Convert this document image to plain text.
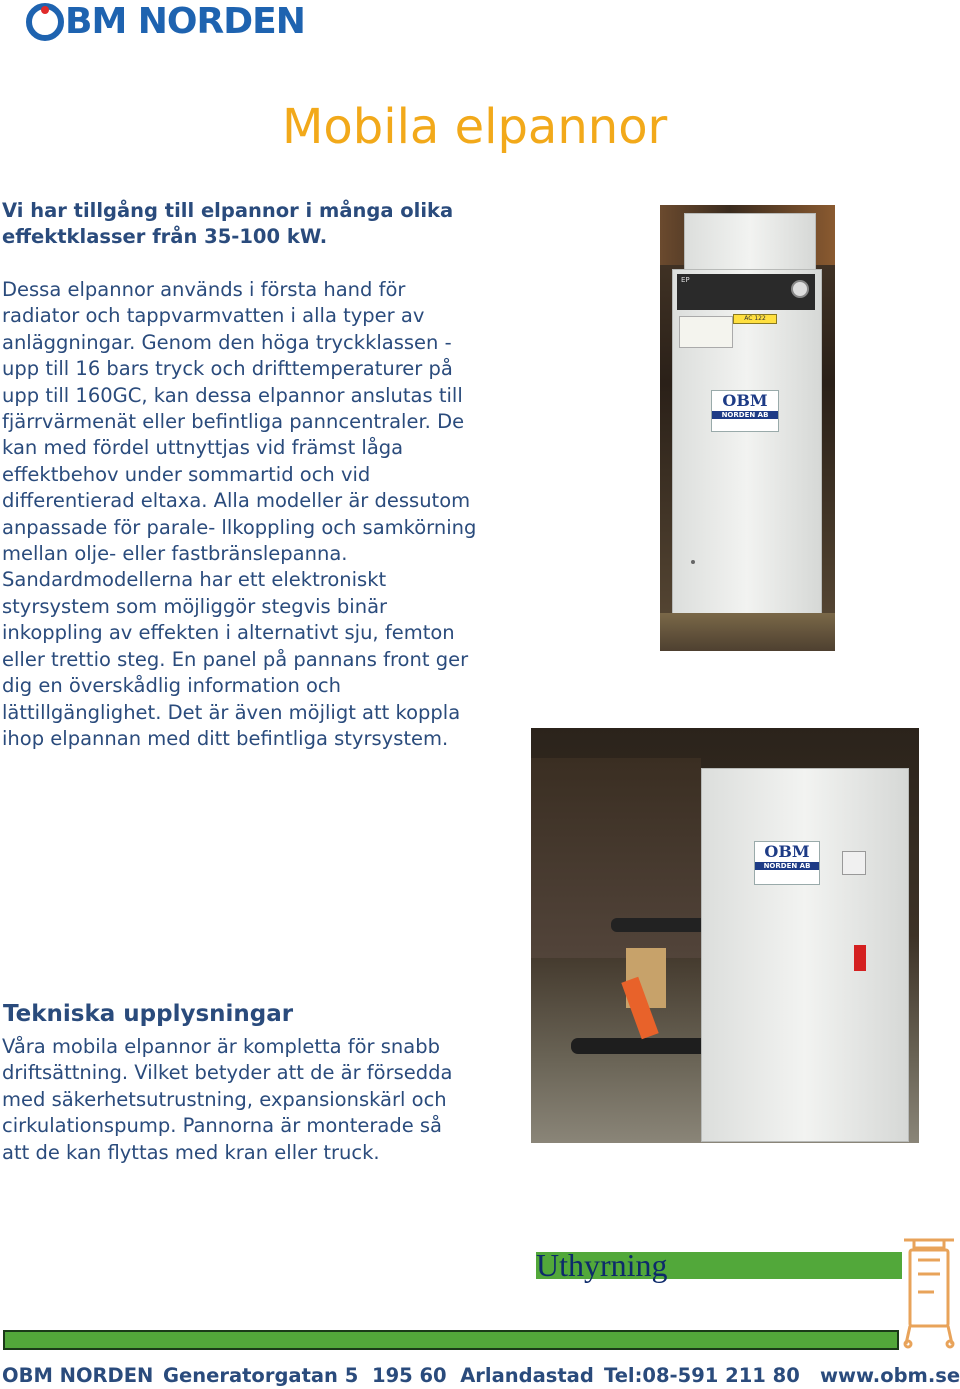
BM NORDEN
Mobila elpannor

Vi har tillgång till elpannor i många olika effektklasser från 35-100 kW.

Dessa elpannor används i första hand för radiator och tappvarmvatten i alla typer av anläggningar. Genom den höga tryckklassen - upp till 16 bars tryck och drifttemperaturer på upp till 160GC, kan dessa elpannor anslutas till fjärrvärmenät eller befintliga panncentraler. De kan med fördel uttnyttjas vid främst låga effektbehov under sommartid och vid differentierad eltaxa. Alla modeller är dessutom anpassade för parale- llkoppling och samkörning mellan olje- eller fastbränslepanna. Sandardmodellerna har ett elektroniskt styrsystem som möjliggör stegvis binär inkoppling av effekten i alternativt sju, femton eller trettio steg. En panel på pannans front ger dig en överskådlig information och lättillgänglighet. Det är även möjligt att koppla ihop elpannan med ditt befintliga styrsystem.

Tekniska upplysningar

Våra mobila elpannor är kompletta för snabb driftsättning. Vilket betyder att de är försedda med säkerhetsutrustning, expansionskärl och cirkulationspump. Pannorna är monterade så att de kan flyttas med kran eller truck.

EP
AC 122
OBM
NORDEN AB
OBM
NORDEN AB

Uthyrning

OBM NORDEN Generatorgatan 5 195 60  Arlandastad Tel:08-591 211 80 www.obm.se
